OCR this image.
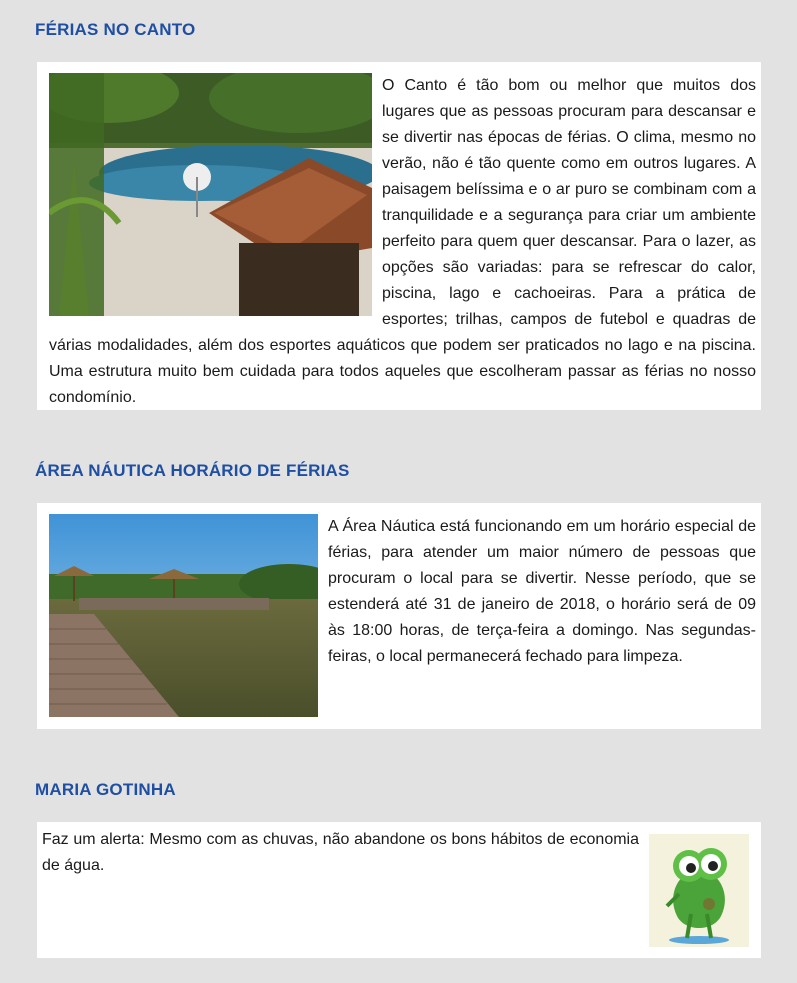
FÉRIAS NO CANTO

O Canto é tão bom ou melhor que muitos dos lugares que as pessoas procuram para descansar e se divertir nas épocas de férias. O clima, mesmo no verão, não é tão quente como em outros lugares. A paisagem belíssima e o ar puro se combinam com a tranquilidade e a segurança para criar um ambiente perfeito para quem quer descansar. Para o lazer, as opções são variadas: para se refrescar do calor, piscina, lago e cachoeiras. Para a prática de esportes; trilhas, campos de futebol e quadras de várias modalidades, além dos esportes aquáticos que podem ser praticados no lago e na piscina. Uma estrutura muito bem cuidada para todos aqueles que escolheram passar as férias no nosso condomínio.

ÁREA NÁUTICA HORÁRIO DE FÉRIAS

A Área Náutica está funcionando em um horário especial de férias, para atender um maior número de pessoas que procuram o local para se divertir. Nesse período, que se estenderá até 31 de janeiro de 2018, o horário será de 09 às 18:00 horas, de terça-feira a domingo. Nas segundas-feiras, o local permanecerá fechado para limpeza.

MARIA GOTINHA

Faz um alerta: Mesmo com as chuvas, não abandone os bons hábitos de economia de água.
